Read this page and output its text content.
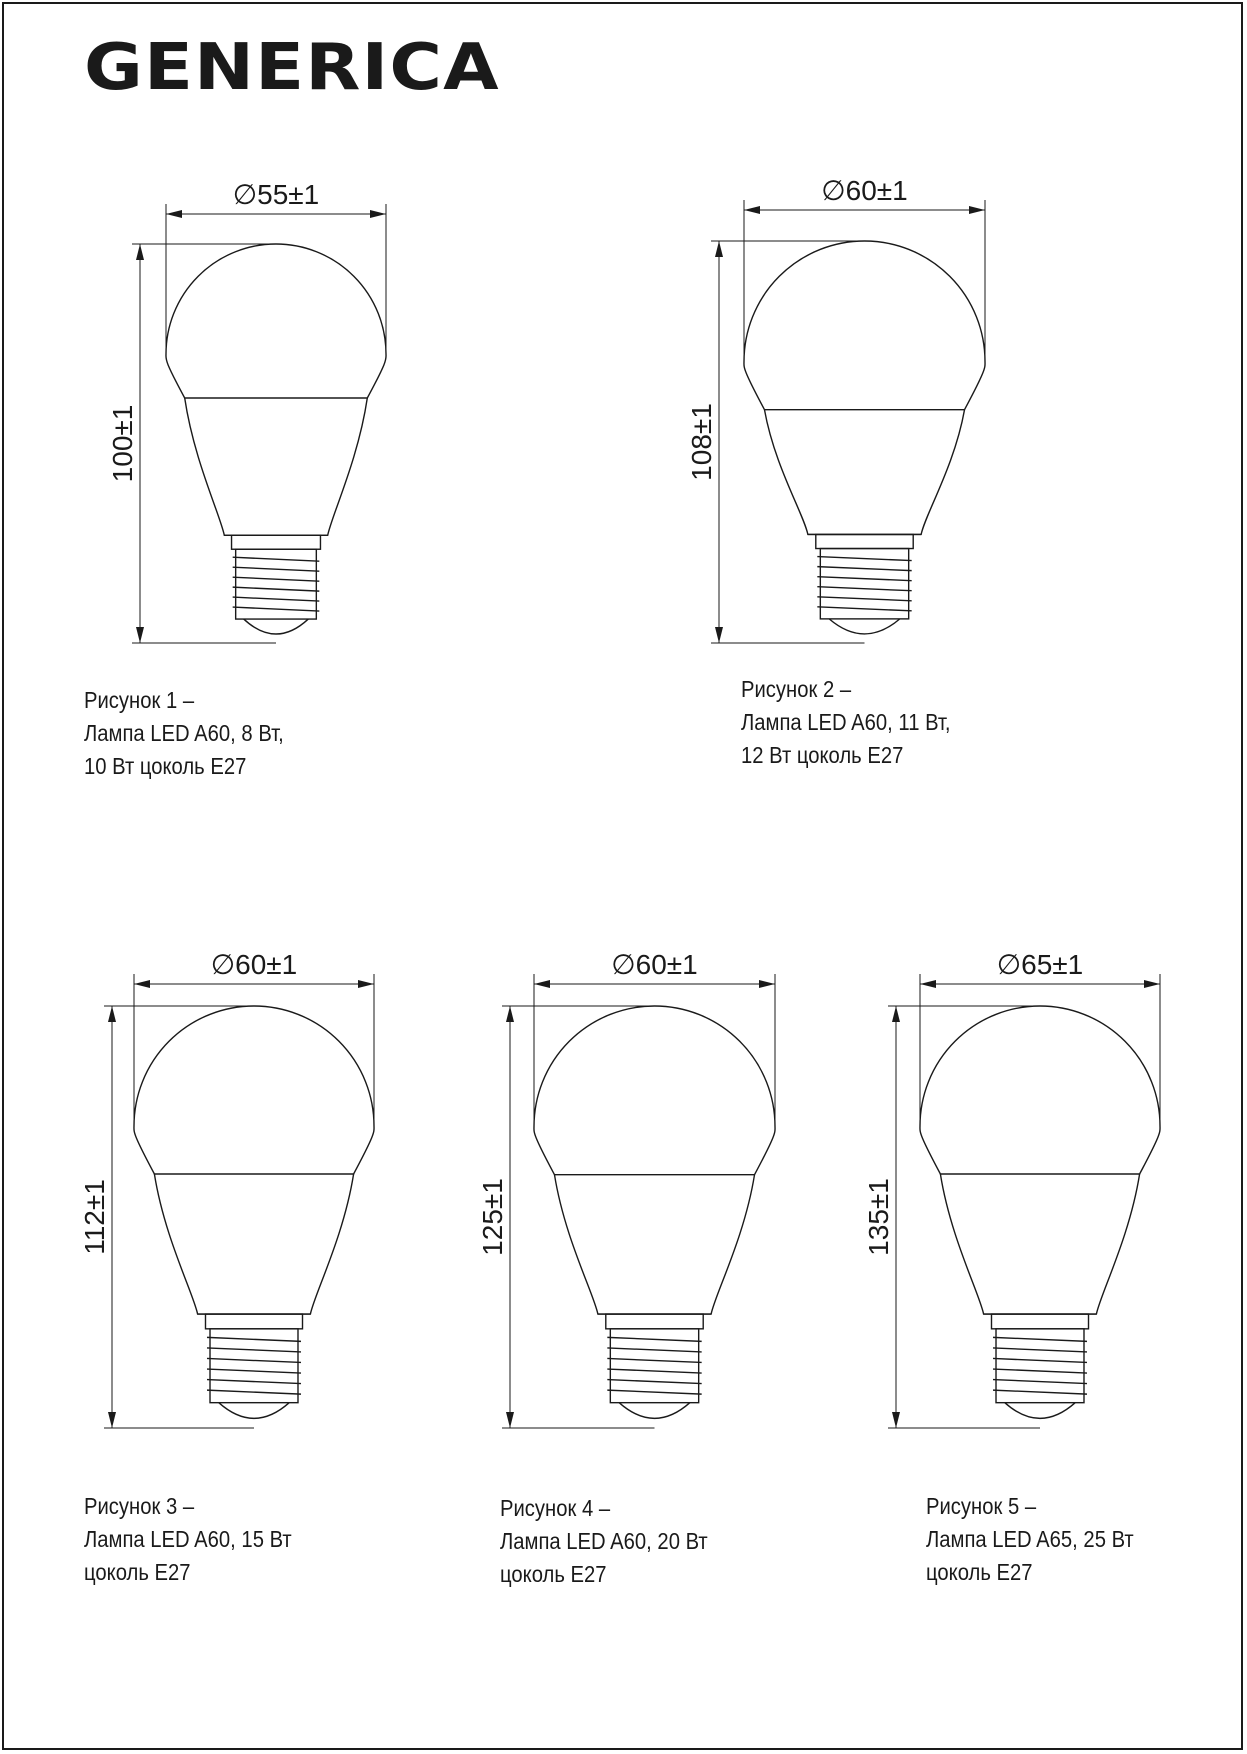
GENERICA
∅55±1
100±1
∅60±1
108±1
∅60±1
112±1
∅60±1
125±1
∅65±1
135±1
Рисунок 1 –
Лампа LED A60, 8 Вт,
10 Вт цоколь E27
Рисунок 2 –
Лампа LED A60, 11 Вт,
12 Вт цоколь E27
Рисунок 3 –
Лампа LED A60, 15 Вт
цоколь E27
Рисунок 4 –
Лампа LED A60, 20 Вт
цоколь E27
Рисунок 5 –
Лампа LED A65, 25 Вт
цоколь E27
